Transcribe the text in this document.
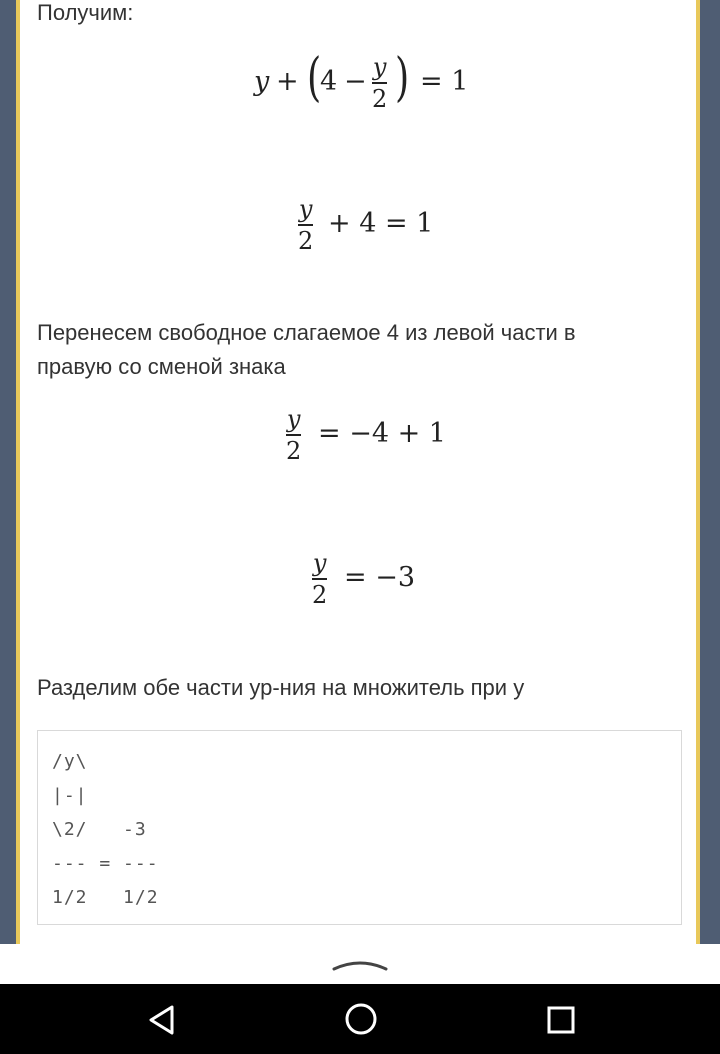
Получим:
y + (
4 − y
2 ) = 1
y
2
+ 4 = 1
Перенесем свободное слагаемое 4 из левой части в
правую со сменой знака
y
2
= −4 + 1
y
2
= −3
Разделим обе части ур-ния на множитель при y
/y\
|-|
\2/   -3
--- = ---
1/2   1/2
